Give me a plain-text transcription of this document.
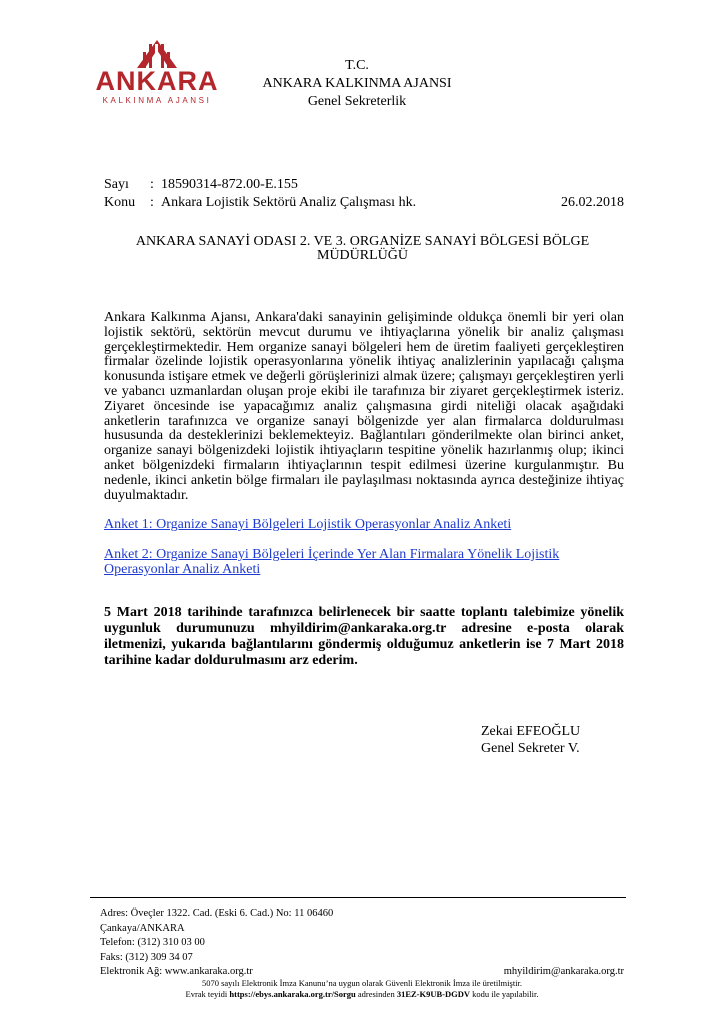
ANKARA
KALKINMA AJANSI
T.C.
ANKARA KALKINMA AJANSI
Genel Sekreterlik
Sayı	: 18590314-872.00-E.155
Konu	: Ankara Lojistik Sektörü Analiz Çalışması hk.	26.02.2018
ANKARA SANAYİ ODASI 2. VE 3. ORGANİZE SANAYİ BÖLGESİ BÖLGE
MÜDÜRLÜĞÜ
Ankara Kalkınma Ajansı, Ankara'daki sanayinin gelişiminde oldukça önemli bir yeri olan lojistik sektörü, sektörün mevcut durumu ve ihtiyaçlarına yönelik bir analiz çalışması gerçekleştirmektedir. Hem organize sanayi bölgeleri hem de üretim faaliyeti gerçekleştiren firmalar özelinde lojistik operasyonlarına yönelik ihtiyaç analizlerinin yapılacağı çalışma konusunda istişare etmek ve değerli görüşlerinizi almak üzere; çalışmayı gerçekleştiren yerli ve yabancı uzmanlardan oluşan proje ekibi ile tarafınıza bir ziyaret gerçekleştirmek isteriz. Ziyaret öncesinde ise yapacağımız analiz çalışmasına girdi niteliği olacak aşağıdaki anketlerin tarafınızca ve organize sanayi bölgenizde yer alan firmalarca doldurulması hususunda da desteklerinizi beklemekteyiz. Bağlantıları gönderilmekte olan birinci anket, organize sanayi bölgenizdeki lojistik ihtiyaçların tespitine yönelik hazırlanmış olup; ikinci anket bölgenizdeki firmaların ihtiyaçlarının tespit edilmesi üzerine kurgulanmıştır. Bu nedenle, ikinci anketin bölge firmaları ile paylaşılması noktasında ayrıca desteğinize ihtiyaç duyulmaktadır.
Anket 1: Organize Sanayi Bölgeleri Lojistik Operasyonlar Analiz Anketi
Anket 2: Organize Sanayi Bölgeleri İçerinde Yer Alan Firmalara Yönelik Lojistik Operasyonlar Analiz Anketi
5 Mart 2018 tarihinde tarafınızca belirlenecek bir saatte toplantı talebimize yönelik uygunluk durumunuzu mhyildirim@ankaraka.org.tr adresine e-posta olarak iletmenizi, yukarıda bağlantılarını göndermiş olduğumuz anketlerin ise 7 Mart 2018 tarihine kadar doldurulmasını arz ederim.
Zekai EFEOĞLU
Genel Sekreter V.
Adres: Öveçler 1322. Cad. (Eski 6. Cad.) No: 11 06460
Çankaya/ANKARA
Telefon: (312) 310 03 00
Faks: (312) 309 34 07
Elektronik Ağ: www.ankaraka.org.tr	mhyildirim@ankaraka.org.tr
5070 sayılı Elektronik İmza Kanunu’na uygun olarak Güvenli Elektronik İmza ile üretilmiştir.
Evrak teyidi https://ebys.ankaraka.org.tr/Sorgu adresinden 31EZ-K9UB-DGDV kodu ile yapılabilir.
